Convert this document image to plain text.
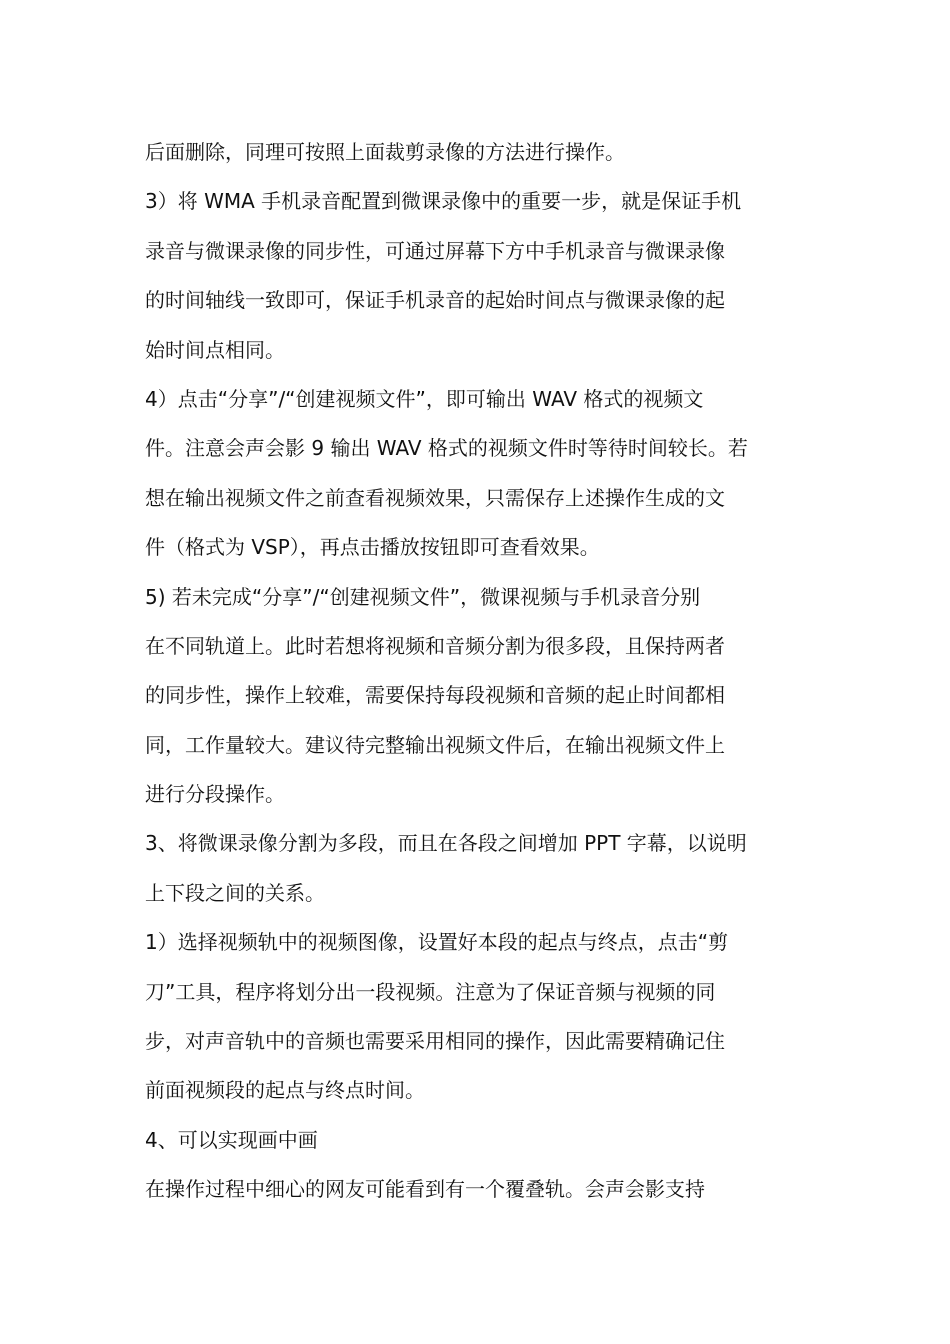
后面删除，同理可按照上面裁剪录像的方法进行操作。
3）将 WMA 手机录音配置到微课录像中的重要一步，就是保证手机
录音与微课录像的同步性，可通过屏幕下方中手机录音与微课录像
的时间轴线一致即可，保证手机录音的起始时间点与微课录像的起
始时间点相同。
4）点击“分享”/“创建视频文件”，即可输出 WAV 格式的视频文
件。注意会声会影 9 输出 WAV 格式的视频文件时等待时间较长。若
想在输出视频文件之前查看视频效果，只需保存上述操作生成的文
件（格式为 VSP），再点击播放按钮即可查看效果。
5) 若未完成“分享”/“创建视频文件”，微课视频与手机录音分别
在不同轨道上。此时若想将视频和音频分割为很多段，且保持两者
的同步性，操作上较难，需要保持每段视频和音频的起止时间都相
同，工作量较大。建议待完整输出视频文件后，在输出视频文件上
进行分段操作。
3、将微课录像分割为多段，而且在各段之间增加 PPT 字幕，以说明
上下段之间的关系。
1）选择视频轨中的视频图像，设置好本段的起点与终点，点击“剪
刀”工具，程序将划分出一段视频。注意为了保证音频与视频的同
步，对声音轨中的音频也需要采用相同的操作，因此需要精确记住
前面视频段的起点与终点时间。
4、可以实现画中画
在操作过程中细心的网友可能看到有一个覆叠轨。会声会影支持
